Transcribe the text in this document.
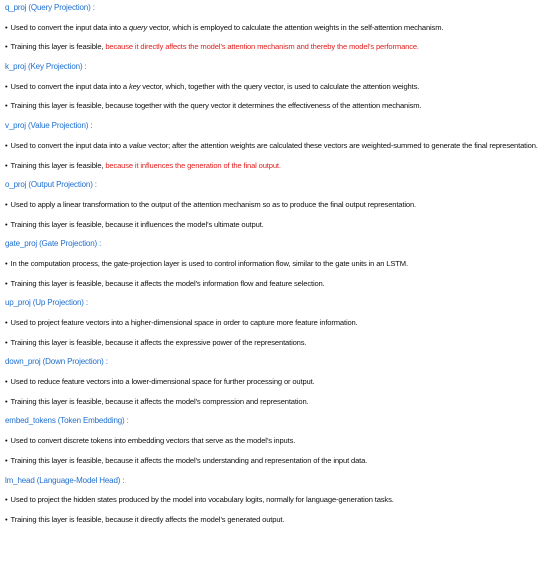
q_proj (Query Projection) :
• Used to convert the input data into a query vector, which is employed to calculate the attention weights in the self-attention mechanism.
• Training this layer is feasible, because it directly affects the model’s attention mechanism and thereby the model’s performance.
k_proj (Key Projection) :
• Used to convert the input data into a key vector, which, together with the query vector, is used to calculate the attention weights.
• Training this layer is feasible, because together with the query vector it determines the effectiveness of the attention mechanism.
v_proj (Value Projection) :
• Used to convert the input data into a value vector; after the attention weights are calculated these vectors are weighted-summed to generate the final representation.
• Training this layer is feasible, because it influences the generation of the final output.
o_proj (Output Projection) :
• Used to apply a linear transformation to the output of the attention mechanism so as to produce the final output representation.
• Training this layer is feasible, because it influences the model’s ultimate output.
gate_proj (Gate Projection) :
• In the computation process, the gate-projection layer is used to control information flow, similar to the gate units in an LSTM.
• Training this layer is feasible, because it affects the model’s information flow and feature selection.
up_proj (Up Projection) :
• Used to project feature vectors into a higher-dimensional space in order to capture more feature information.
• Training this layer is feasible, because it affects the expressive power of the representations.
down_proj (Down Projection) :
• Used to reduce feature vectors into a lower-dimensional space for further processing or output.
• Training this layer is feasible, because it affects the model’s compression and representation.
embed_tokens (Token Embedding) :
• Used to convert discrete tokens into embedding vectors that serve as the model’s inputs.
• Training this layer is feasible, because it affects the model’s understanding and representation of the input data.
lm_head (Language-Model Head) :
• Used to project the hidden states produced by the model into vocabulary logits, normally for language-generation tasks.
• Training this layer is feasible, because it directly affects the model’s generated output.
